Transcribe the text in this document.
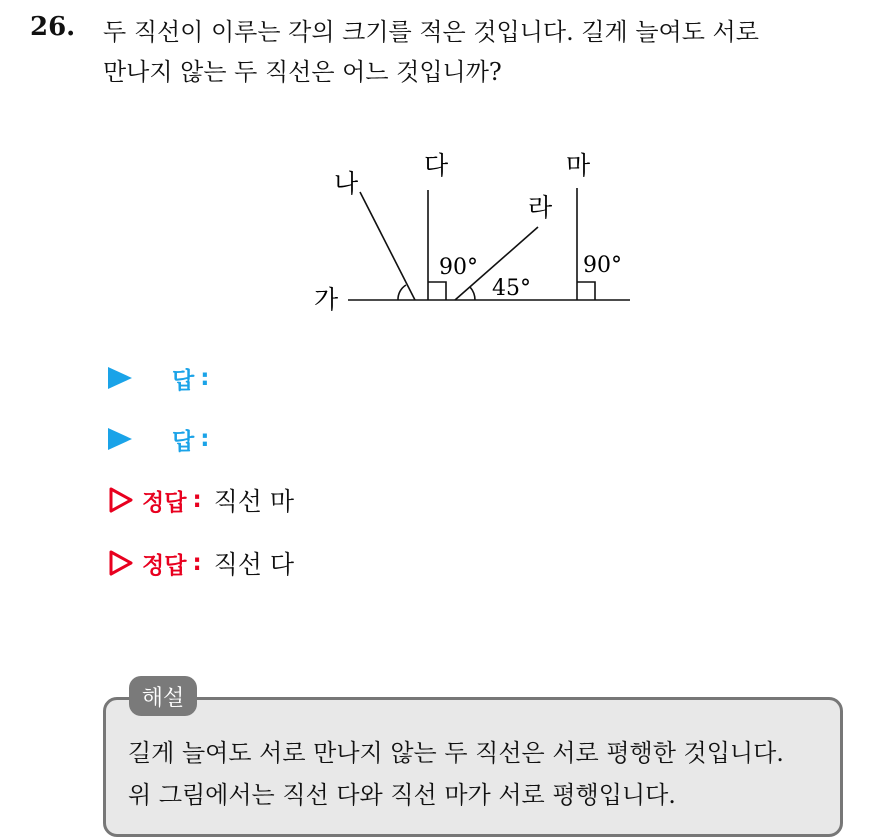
26. 두 직선이 이루는 각의 크기를 적은 것입니다. 길게 늘여도 서로
만나지 않는 두 직선은 어느 것입니까?
가
나
다
라
마
90°
45°
90°
답 :
답 :
정답 : 직선 마
정답 : 직선 다
해설
길게 늘여도 서로 만나지 않는 두 직선은 서로 평행한 것입니다.
위 그림에서는 직선 다와 직선 마가 서로 평행입니다.
